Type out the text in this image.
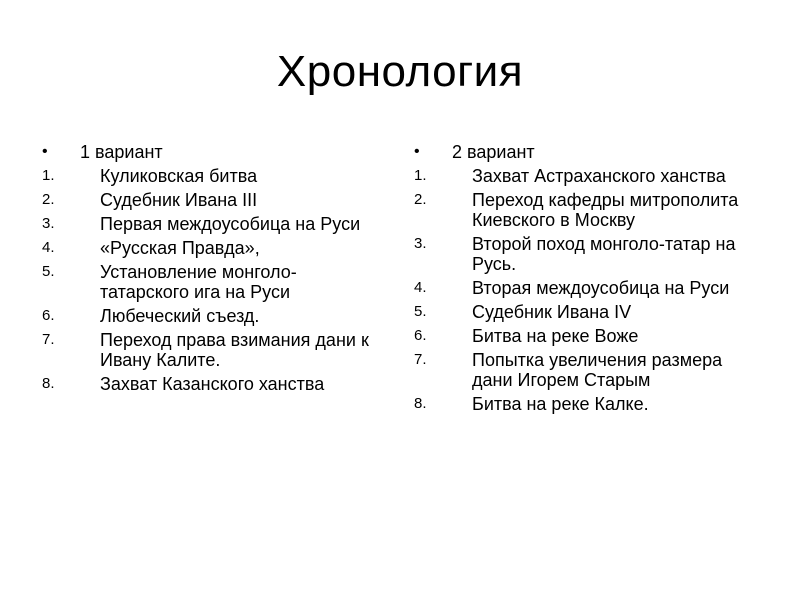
Хронология
• 1 вариант
1.	Куликовская битва
2.	Судебник Ивана III
3.	Первая междоусобица на Руси
4.	«Русская Правда»,
5.	Установление монголо-татарского ига на Руси
6.	Любеческий съезд.
7.	Переход права взимания дани к Ивану Калите.
8.	Захват Казанского ханства
• 2 вариант
1.	Захват Астраханского ханства
2.	Переход кафедры митрополита Киевского в Москву
3.	Второй поход монголо-татар на Русь.
4.	Вторая междоусобица на Руси
5.	Судебник Ивана IV
6.	Битва на реке Воже
7.	Попытка увеличения размера дани Игорем Старым
8.	Битва на реке Калке.
